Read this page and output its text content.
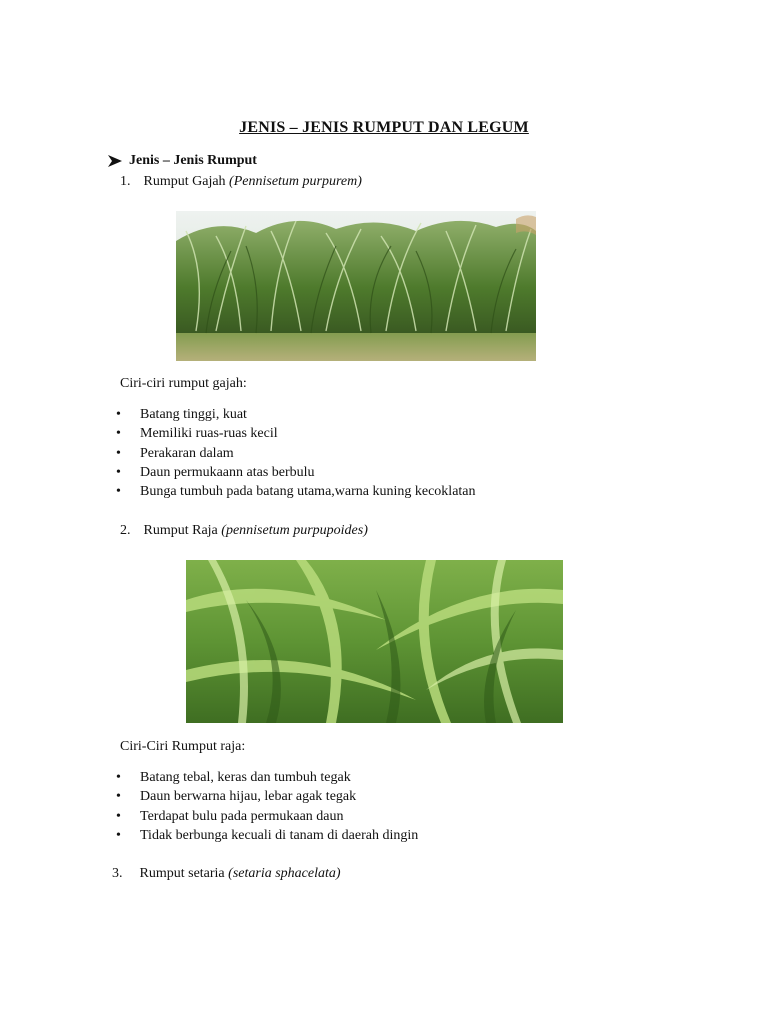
JENIS – JENIS RUMPUT DAN LEGUM
Jenis – Jenis Rumput
1. Rumput Gajah (Pennisetum purpurem)
Ciri-ciri rumput gajah:
•	Batang tinggi, kuat
•	Memiliki ruas-ruas kecil
•	Perakaran dalam
•	Daun permukaann atas berbulu
•	Bunga tumbuh pada batang utama,warna kuning kecoklatan
2. Rumput Raja (pennisetum purpupoides)
Ciri-Ciri Rumput raja:
•	Batang tebal, keras dan tumbuh tegak
•	Daun berwarna hijau, lebar agak tegak
•	Terdapat bulu pada permukaan daun
•	Tidak berbunga kecuali di tanam di daerah dingin
3. Rumput setaria (setaria sphacelata)
